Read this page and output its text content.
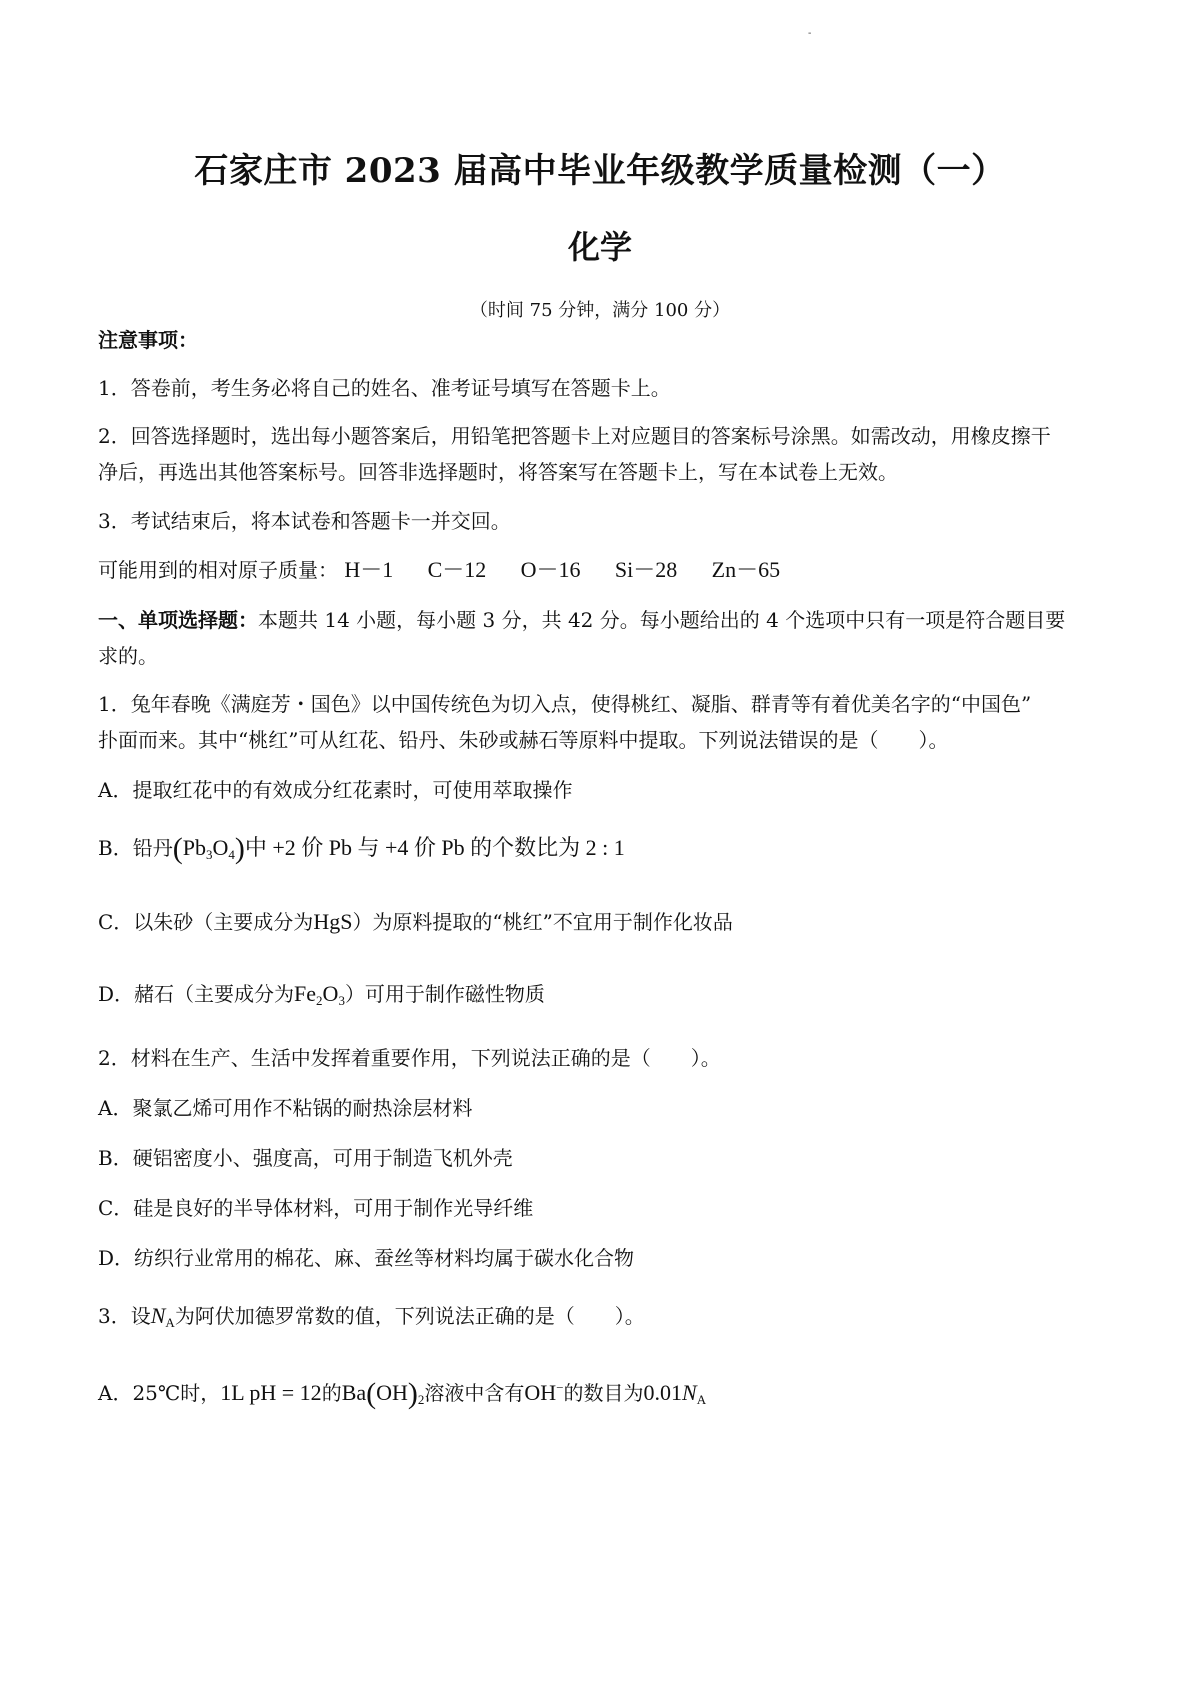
-
石家庄市 2023 届高中毕业年级教学质量检测（一）
化学
（时间 75 分钟，满分 100 分）
注意事项：
1．答卷前，考生务必将自己的姓名、准考证号填写在答题卡上。
2．回答选择题时，选出每小题答案后，用铅笔把答题卡上对应题目的答案标号涂黑。如需改动，用橡皮擦干
净后，再选出其他答案标号。回答非选择题时，将答案写在答题卡上，写在本试卷上无效。
3．考试结束后，将本试卷和答题卡一并交回。
可能用到的相对原子质量： H－1 C－12 O－16 Si－28 Zn－65
一、单项选择题：本题共 14 小题，每小题 3 分，共 42 分。每小题给出的 4 个选项中只有一项是符合题目要
求的。
1．兔年春晚《满庭芳・国色》以中国传统色为切入点，使得桃红、凝脂、群青等有着优美名字的“中国色”
扑面而来。其中“桃红”可从红花、铅丹、朱砂或赫石等原料中提取。下列说法错误的是（　　）。
A．提取红花中的有效成分红花素时，可使用萃取操作
B．铅丹$(Pb_3O_4)$中 +2 价 Pb 与 +4 价 Pb 的个数比为 2 : 1
C．以朱砂（主要成分为HgS）为原料提取的“桃红”不宜用于制作化妆品
D．赭石（主要成分为$Fe_2O_3$）可用于制作磁性物质
2．材料在生产、生活中发挥着重要作用，下列说法正确的是（　　）。
A．聚氯乙烯可用作不粘锅的耐热涂层材料
B．硬铝密度小、强度高，可用于制造飞机外壳
C．硅是良好的半导体材料，可用于制作光导纤维
D．纺织行业常用的棉花、麻、蚕丝等材料均属于碳水化合物
3．设$N_A$为阿伏加德罗常数的值，下列说法正确的是（　　）。
A．25℃时，1L pH = 12的$Ba(OH)_2$溶液中含有OH−的数目为$0.01N_A$
